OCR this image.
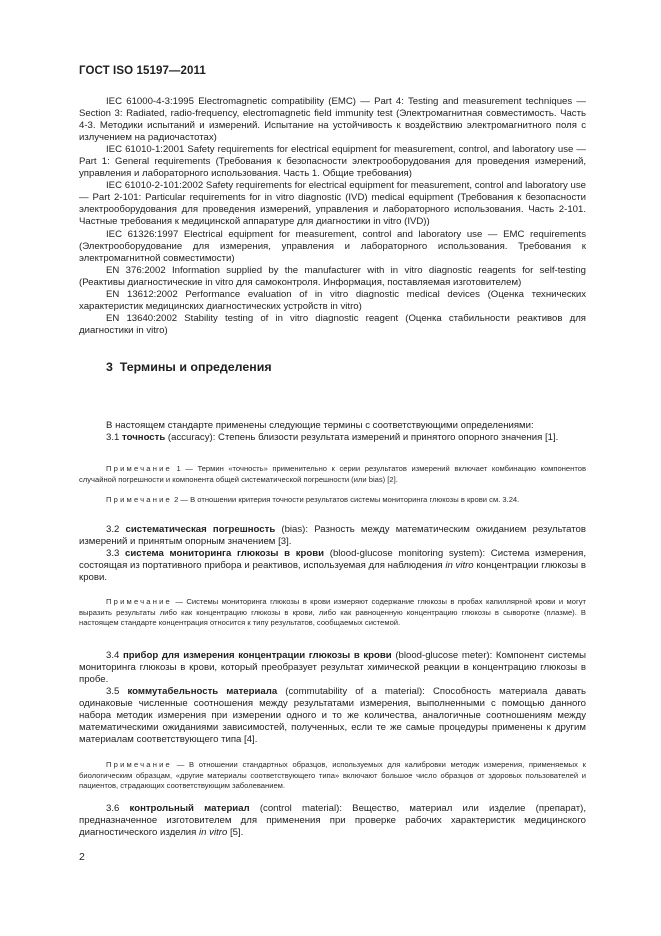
ГОСТ ISO 15197—2011

IEC 61000-4-3:1995 Electromagnetic compatibility (EMC) — Part 4: Testing and measurement techniques — Section 3: Radiated, radio-frequency, electromagnetic field immunity test (Электромагнитная совместимость. Часть 4-3. Методики испытаний и измерений. Испытание на устойчивость к воздействию электромагнитного поля с излучением на радиочастотах)

IEC 61010-1:2001 Safety requirements for electrical equipment for measurement, control, and laboratory use — Part 1: General requirements (Требования к безопасности электрооборудования для проведения измерений, управления и лабораторного использования. Часть 1. Общие требования)

IEC 61010-2-101:2002 Safety requirements for electrical equipment for measurement, control and laboratory use — Part 2-101: Particular requirements for in vitro diagnostic (IVD) medical equipment (Требования к безопасности электрооборудования для проведения измерений, управления и лабораторного использования. Часть 2-101. Частные требования к медицинской аппаратуре для диагностики in vitro (IVD))

IEC 61326:1997 Electrical equipment for measurement, control and laboratory use — EMC requirements (Электрооборудование для измерения, управления и лабораторного использования. Требования к электромагнитной совместимости)

EN 376:2002 Information supplied by the manufacturer with in vitro diagnostic reagents for self-testing (Реактивы диагностические in vitro для самоконтроля. Информация, поставляемая изготовителем)

EN 13612:2002 Performance evaluation of in vitro diagnostic medical devices (Оценка технических характеристик медицинских диагностических устройств in vitro)

EN 13640:2002 Stability testing of in vitro diagnostic reagent (Оценка стабильности реактивов для диагностики in vitro)

3 Термины и определения

В настоящем стандарте применены следующие термины с соответствующими определениями:

3.1 точность (accuracy): Степень близости результата измерений и принятого опорного значения [1].

Примечание 1 — Термин «точность» применительно к серии результатов измерений включает комбинацию компонентов случайной погрешности и компонента общей систематической погрешности (или bias) [2].

Примечание 2 — В отношении критерия точности результатов системы мониторинга глюкозы в крови см. 3.24.

3.2 систематическая погрешность (bias): Разность между математическим ожиданием результатов измерений и принятым опорным значением [3].

3.3 система мониторинга глюкозы в крови (blood-glucose monitoring system): Система измерения, состоящая из портативного прибора и реактивов, используемая для наблюдения in vitro концентрации глюкозы в крови.

Примечание — Системы мониторинга глюкозы в крови измеряют содержание глюкозы в пробах капиллярной крови и могут выразить результаты либо как концентрацию глюкозы в крови, либо как равноценную концентрацию глюкозы в сыворотке (плазме). В настоящем стандарте концентрация относится к типу результатов, сообщаемых системой.

3.4 прибор для измерения концентрации глюкозы в крови (blood-glucose meter): Компонент системы мониторинга глюкозы в крови, который преобразует результат химической реакции в концентрацию глюкозы в пробе.

3.5 коммутабельность материала (commutability of a material): Способность материала давать одинаковые численные соотношения между результатами измерения, выполненными с помощью данного набора методик измерения при измерении одного и то же количества, аналогичные соотношениям между математическими ожиданиями зависимостей, полученных, если те же самые процедуры применены к другим материалам соответствующего типа [4].

Примечание — В отношении стандартных образцов, используемых для калибровки методик измерения, применяемых к биологическим образцам, «другие материалы соответствующего типа» включают большое число образцов от здоровых пользователей и пациентов, страдающих соответствующим заболеванием.

3.6 контрольный материал (control material): Вещество, материал или изделие (препарат), предназначенное изготовителем для применения при проверке рабочих характеристик медицинского диагностического изделия in vitro [5].

2
